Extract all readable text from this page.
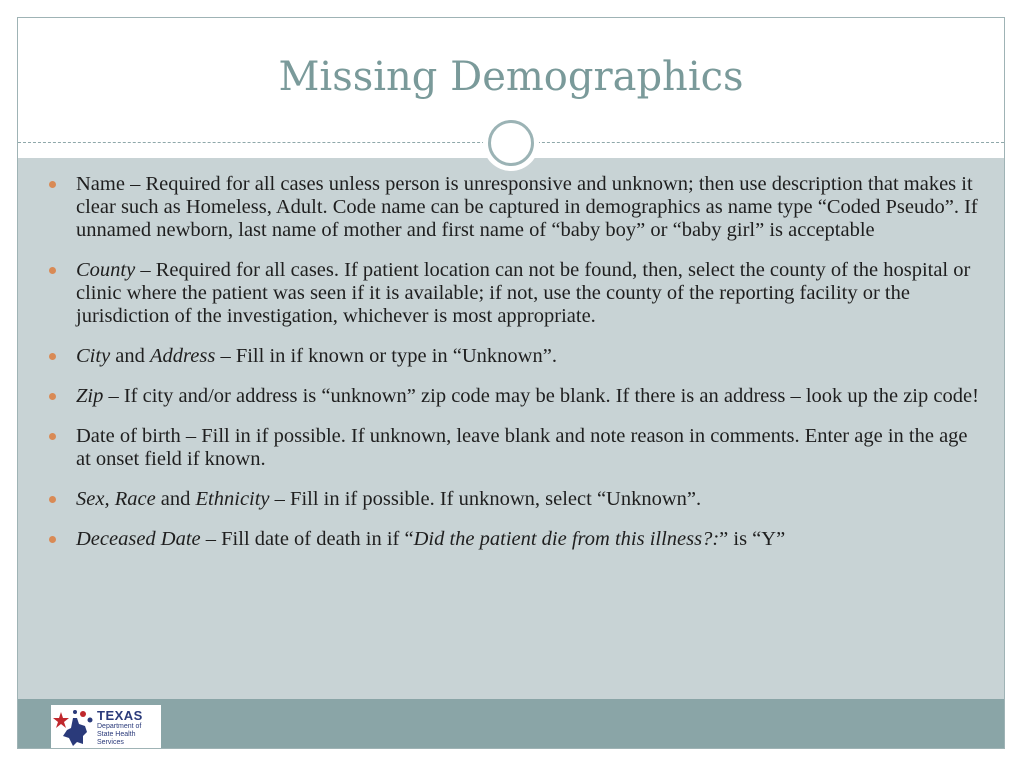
Missing Demographics
Name – Required for all cases unless person is unresponsive and unknown; then use description that makes it clear such as Homeless, Adult. Code name can be captured in demographics as name type “Coded Pseudo”. If unnamed newborn, last name of mother and first name of “baby boy” or “baby girl” is acceptable
County – Required for all cases. If patient location can not be found, then, select the county of the hospital or clinic where the patient was seen if it is available; if not, use the county of the reporting facility or the jurisdiction of the investigation, whichever is most appropriate.
City and Address – Fill in if known or type in “Unknown”.
Zip – If city and/or address is “unknown” zip code may be blank. If there is an address – look up the zip code!
Date of birth – Fill in if possible. If unknown, leave blank and note reason in comments. Enter age in the age at onset field if known.
Sex, Race and Ethnicity – Fill in if possible. If unknown, select “Unknown”.
Deceased Date – Fill date of death in if “Did the patient die from this illness?:” is “Y”
TEXAS
Department of State Health Services
